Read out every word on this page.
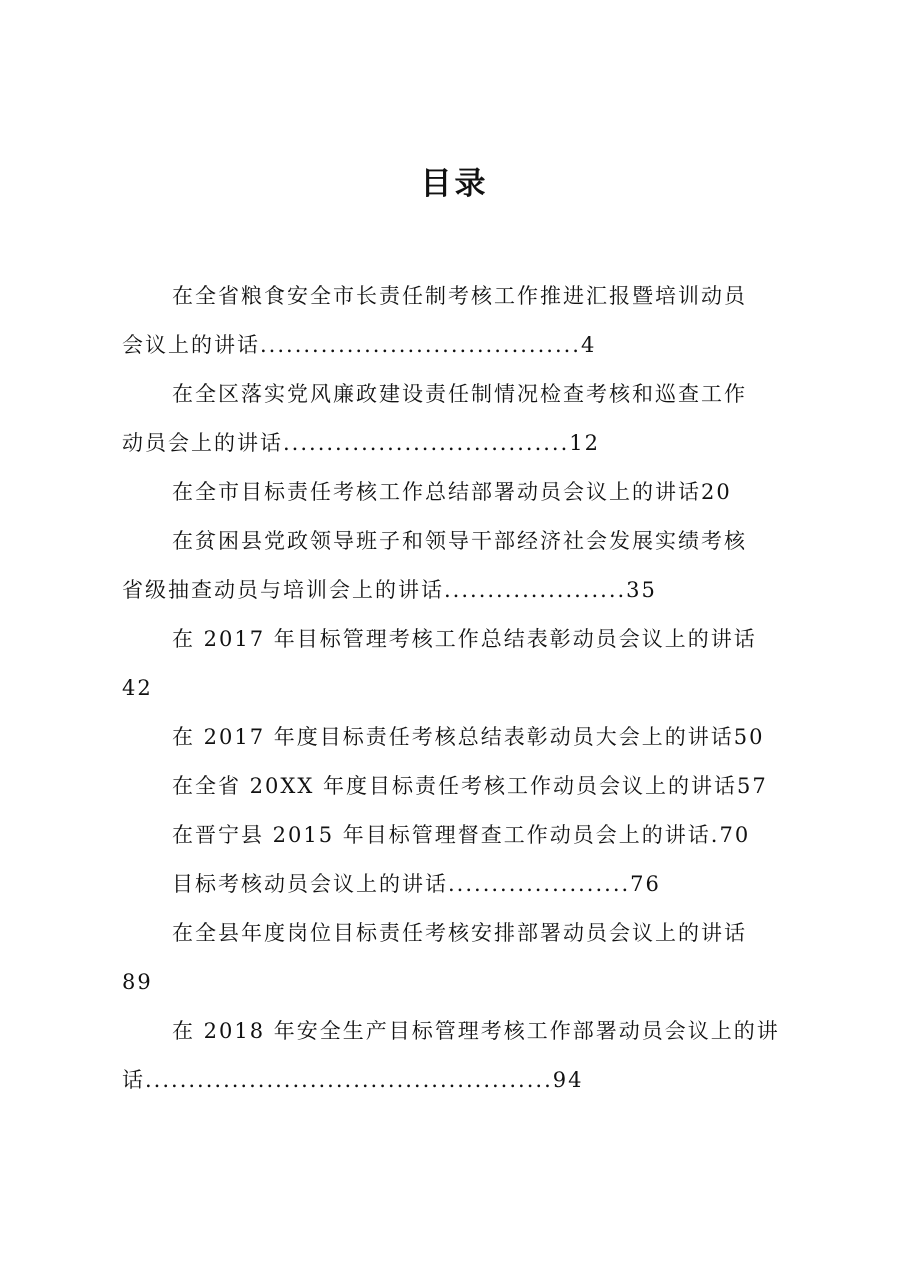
目录
在全省粮食安全市长责任制考核工作推进汇报暨培训动员
会议上的讲话.....................................4
在全区落实党风廉政建设责任制情况检查考核和巡查工作
动员会上的讲话.................................12
在全市目标责任考核工作总结部署动员会议上的讲话20
在贫困县党政领导班子和领导干部经济社会发展实绩考核
省级抽查动员与培训会上的讲话.....................35
在 2017 年目标管理考核工作总结表彰动员会议上的讲话
42
在 2017 年度目标责任考核总结表彰动员大会上的讲话50
在全省 20XX 年度目标责任考核工作动员会议上的讲话57
在晋宁县 2015 年目标管理督查工作动员会上的讲话.70
目标考核动员会议上的讲话.....................76
在全县年度岗位目标责任考核安排部署动员会议上的讲话
89
在 2018 年安全生产目标管理考核工作部署动员会议上的讲
话...............................................94
